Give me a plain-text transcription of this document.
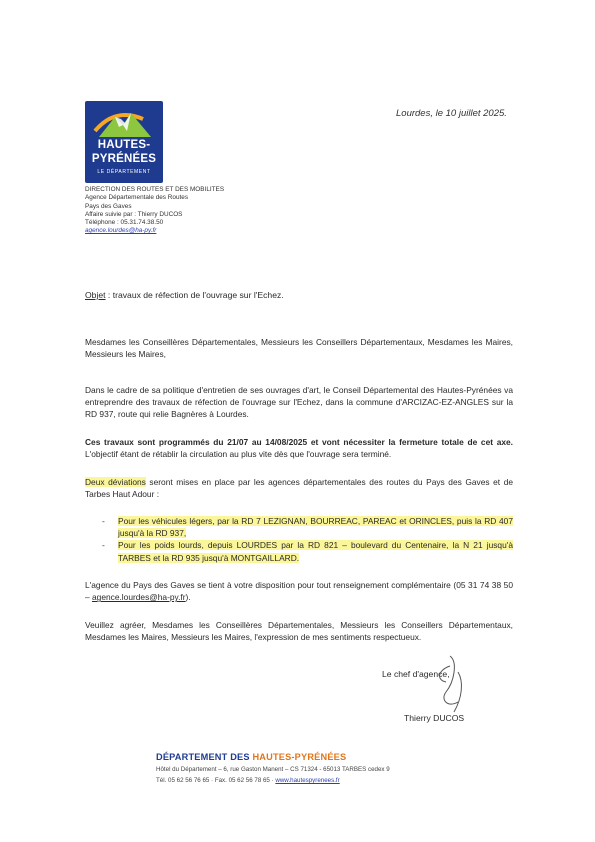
HAUTES-
PYRÉNÉES
LE DÉPARTEMENT
Lourdes, le 10 juillet 2025.
DIRECTION DES ROUTES ET DES MOBILITES
Agence Départementale des Routes
Pays des Gaves
Affaire suivie par : Thierry DUCOS
Téléphone : 05.31.74.38.50
agence.lourdes@ha-py.fr
Objet : travaux de réfection de l'ouvrage sur l'Echez.
Mesdames les Conseillères Départementales, Messieurs les Conseillers Départementaux, Mesdames les Maires, Messieurs les Maires,
Dans le cadre de sa politique d'entretien de ses ouvrages d'art, le Conseil Départemental des Hautes-Pyrénées va entreprendre des travaux de réfection de l'ouvrage sur l'Echez, dans la commune d'ARCIZAC-EZ-ANGLES sur la RD 937, route qui relie Bagnères à Lourdes.
Ces travaux sont programmés du 21/07 au 14/08/2025 et vont nécessiter la fermeture totale de cet axe. L'objectif étant de rétablir la circulation au plus vite dès que l'ouvrage sera terminé.
Deux déviations seront mises en place par les agences départementales des routes du Pays des Gaves et de Tarbes Haut Adour :
- Pour les véhicules légers, par la RD 7 LEZIGNAN, BOURREAC, PAREAC et ORINCLES, puis la RD 407 jusqu'à la RD 937,
- Pour les poids lourds, depuis LOURDES par la RD 821 – boulevard du Centenaire, la N 21 jusqu'à TARBES et la RD 935 jusqu'à MONTGAILLARD.
L'agence du Pays des Gaves se tient à votre disposition pour tout renseignement complémentaire (05 31 74 38 50 – agence.lourdes@ha-py.fr).
Veuillez agréer, Mesdames les Conseillères Départementales, Messieurs les Conseillers Départementaux, Mesdames les Maires, Messieurs les Maires, l'expression de mes sentiments respectueux.
Le chef d'agence,
Thierry DUCOS
DÉPARTEMENT DES HAUTES-PYRÉNÉES
Hôtel du Département – 6, rue Gaston Manent – CS 71324 - 65013 TARBES cedex 9
Tél. 05 62 56 76 65 · Fax. 05 62 56 78 65 · www.hautespyrenees.fr
